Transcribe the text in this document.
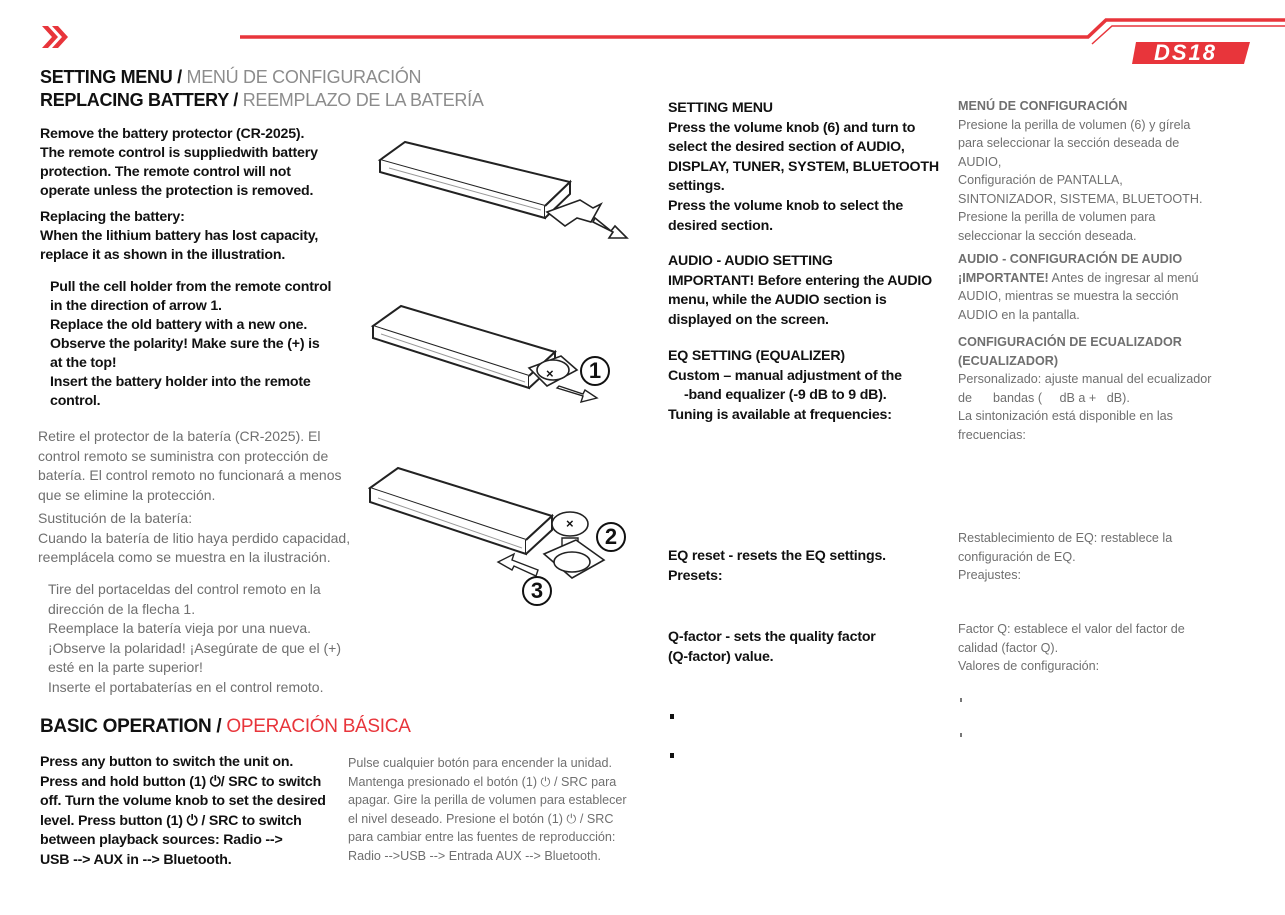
DS18
SETTING MENU / MENÚ DE CONFIGURACIÓN
REPLACING BATTERY / REEMPLAZO DE LA BATERÍA
Remove the battery protector (CR-2025).
The remote control is suppliedwith battery
protection. The remote control will not
operate unless the protection is removed.
Replacing the battery:
When the lithium battery has lost capacity,
replace it as shown in the illustration.
Pull the cell holder from the remote control
in the direction of arrow 1.
Replace the old battery with a new one.
Observe the polarity! Make sure the (+) is
at the top!
Insert the battery holder into the remote
control.
Retire el protector de la batería (CR-2025). El
control remoto se suministra con protección de
batería. El control remoto no funcionará a menos
que se elimine la protección.
Sustitución de la batería:
Cuando la batería de litio haya perdido capacidad,
reemplácela como se muestra en la ilustración.
Tire del portaceldas del control remoto en la
dirección de la flecha 1.
Reemplace la batería vieja por una nueva.
¡Observe la polaridad! ¡Asegúrate de que el (+)
esté en la parte superior!
Inserte el portabaterías en el control remoto.
×	1
×
2
3
BASIC OPERATION / OPERACIÓN BÁSICA
Press any button to switch the unit on.
Press and hold button (1) ⏻/ SRC to switch
off. Turn the volume knob to set the desired
level. Press button (1) ⏻ / SRC to switch
between playback sources: Radio -->
USB --> AUX in --> Bluetooth.
Pulse cualquier botón para encender la unidad.
Mantenga presionado el botón (1) ⏻ / SRC para
apagar. Gire la perilla de volumen para establecer
el nivel deseado. Presione el botón (1) ⏻ / SRC
para cambiar entre las fuentes de reproducción:
Radio -->USB --> Entrada AUX --> Bluetooth.
SETTING MENU
Press the volume knob (6) and turn to
select the desired section of AUDIO,
DISPLAY, TUNER, SYSTEM, BLUETOOTH
settings.
Press the volume knob to select the
desired section.
AUDIO - AUDIO SETTING
IMPORTANT! Before entering the AUDIO
menu, while the AUDIO section is
displayed on the screen.
EQ SETTING (EQUALIZER)
Custom – manual adjustment of the
-band equalizer (-9 dB to 9 dB).
Tuning is available at frequencies:
EQ reset - resets the EQ settings.
Presets:
Q-factor - sets the quality factor
(Q-factor) value.
MENÚ DE CONFIGURACIÓN
Presione la perilla de volumen (6) y gírela
para seleccionar la sección deseada de
AUDIO,
Configuración de PANTALLA,
SINTONIZADOR, SISTEMA, BLUETOOTH.
Presione la perilla de volumen para
seleccionar la sección deseada.
AUDIO - CONFIGURACIÓN DE AUDIO
¡IMPORTANTE! Antes de ingresar al menú
AUDIO, mientras se muestra la sección
AUDIO en la pantalla.
CONFIGURACIÓN DE ECUALIZADOR
(ECUALIZADOR)
Personalizado: ajuste manual del ecualizador
de      bandas (     dB a +   dB).
La sintonización está disponible en las
frecuencias:
Restablecimiento de EQ: restablece la
configuración de EQ.
Preajustes:
Factor Q: establece el valor del factor de
calidad (factor Q).
Valores de configuración:
